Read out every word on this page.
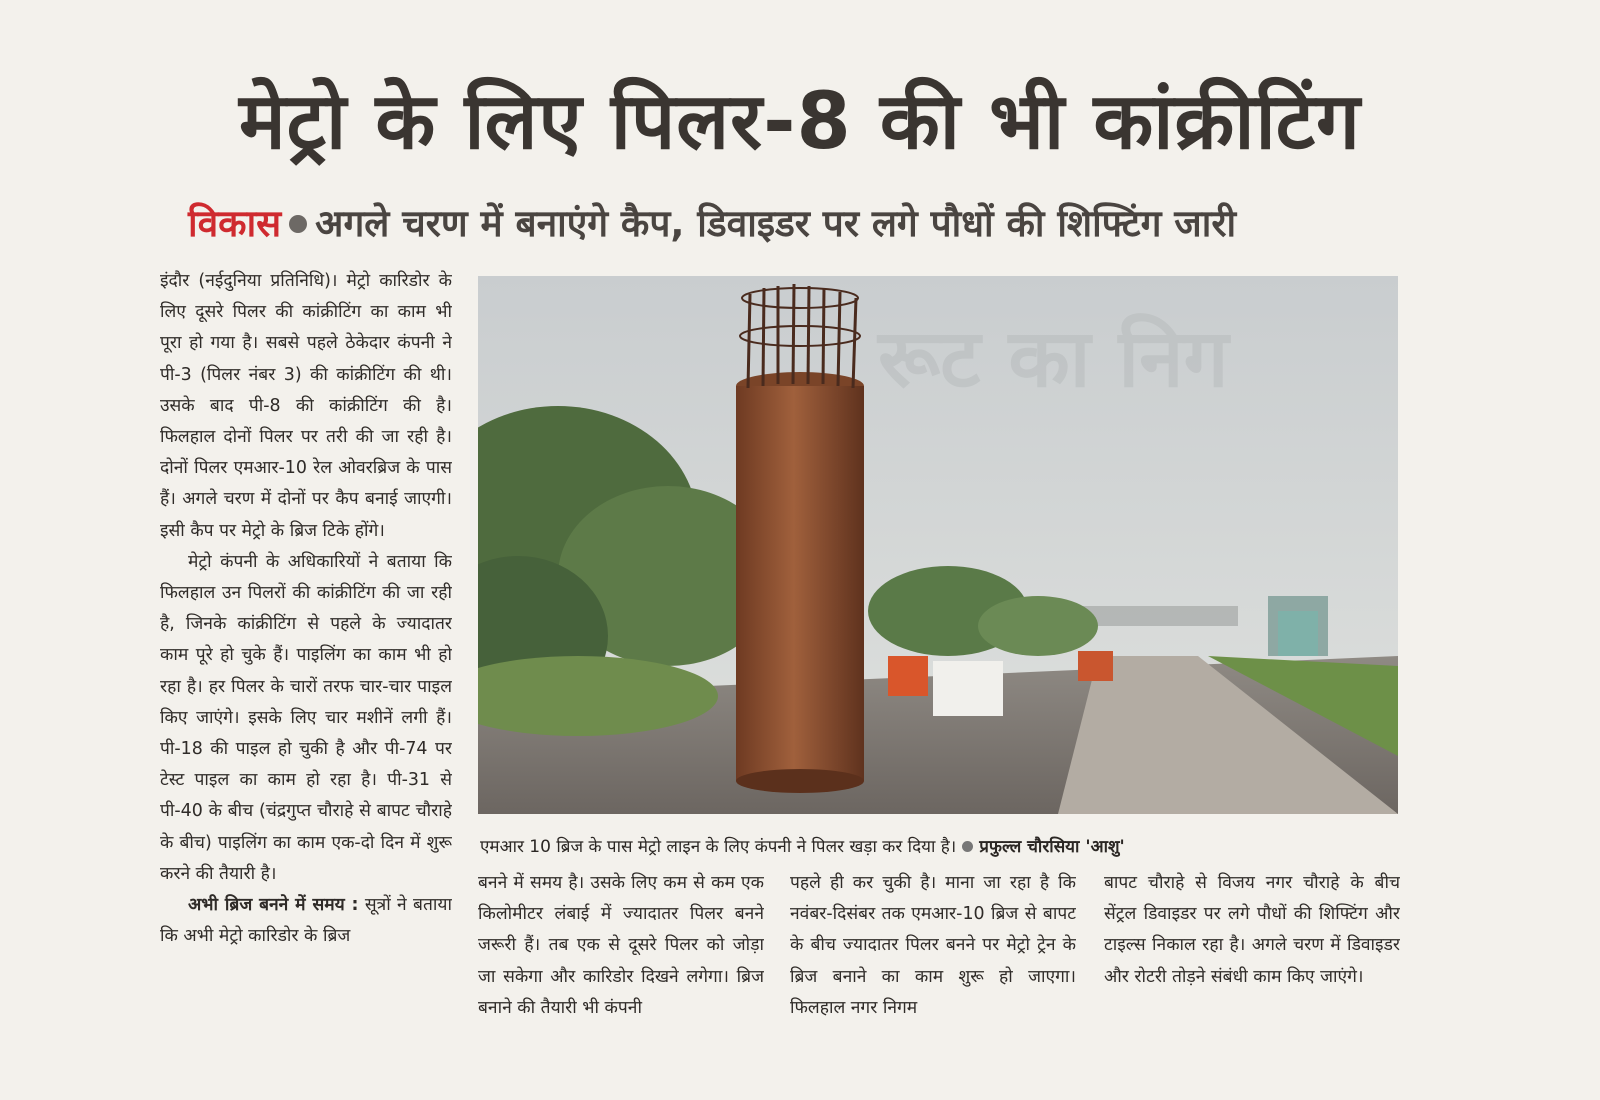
मेट्रो के लिए पिलर-8 की भी कांक्रीटिंग
विकास अगले चरण में बनाएंगे कैप, डिवाइडर पर लगे पौधों की शिफ्टिंग जारी

इंदौर (नईदुनिया प्रतिनिधि)। मेट्रो कारिडोर के लिए दूसरे पिलर की कांक्रीटिंग का काम भी पूरा हो गया है। सबसे पहले ठेकेदार कंपनी ने पी-3 (पिलर नंबर 3) की कांक्रीटिंग की थी। उसके बाद पी-8 की कांक्रीटिंग की है। फिलहाल दोनों पिलर पर तरी की जा रही है। दोनों पिलर एमआर-10 रेल ओवरब्रिज के पास हैं। अगले चरण में दोनों पर कैप बनाई जाएगी। इसी कैप पर मेट्रो के ब्रिज टिके होंगे।

मेट्रो कंपनी के अधिकारियों ने बताया कि फिलहाल उन पिलरों की कांक्रीटिंग की जा रही है, जिनके कांक्रीटिंग से पहले के ज्यादातर काम पूरे हो चुके हैं। पाइलिंग का काम भी हो रहा है। हर पिलर के चारों तरफ चार-चार पाइल किए जाएंगे। इसके लिए चार मशीनें लगी हैं। पी-18 की पाइल हो चुकी है और पी-74 पर टेस्ट पाइल का काम हो रहा है। पी-31 से पी-40 के बीच (चंद्रगुप्त चौराहे से बापट चौराहे के बीच) पाइलिंग का काम एक-दो दिन में शुरू करने की तैयारी है।

अभी ब्रिज बनने में समय : सूत्रों ने बताया कि अभी मेट्रो कारिडोर के ब्रिज

रूट का निग
एमआर 10 ब्रिज के पास मेट्रो लाइन के लिए कंपनी ने पिलर खड़ा कर दिया है। प्रफुल्ल चौरसिया 'आशु'
बनने में समय है। उसके लिए कम से कम एक किलोमीटर लंबाई में ज्यादातर पिलर बनने जरूरी हैं। तब एक से दूसरे पिलर को जोड़ा जा सकेगा और कारिडोर दिखने लगेगा। ब्रिज बनाने की तैयारी भी कंपनी
पहले ही कर चुकी है। माना जा रहा है कि नवंबर-दिसंबर तक एमआर-10 ब्रिज से बापट के बीच ज्यादातर पिलर बनने पर मेट्रो ट्रेन के ब्रिज बनाने का काम शुरू हो जाएगा। फिलहाल नगर निगम
बापट चौराहे से विजय नगर चौराहे के बीच सेंट्रल डिवाइडर पर लगे पौधों की शिफ्टिंग और टाइल्स निकाल रहा है। अगले चरण में डिवाइडर और रोटरी तोड़ने संबंधी काम किए जाएंगे।
